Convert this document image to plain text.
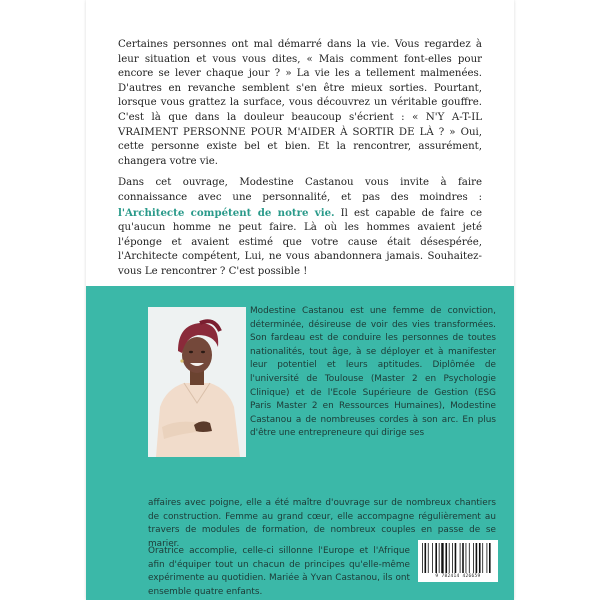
Certaines personnes ont mal démarré dans la vie. Vous regardez à leur situation et vous vous dites, « Mais comment font-elles pour encore se lever chaque jour ? » La vie les a tellement malmenées. D'autres en revanche semblent s'en être mieux sorties. Pourtant, lorsque vous grattez la surface, vous découvrez un véritable gouffre. C'est là que dans la douleur beaucoup s'écrient : « N'Y A-T-IL VRAIMENT PERSONNE POUR M'AIDER À SORTIR DE LÀ ? » Oui, cette personne existe bel et bien. Et la rencontrer, assurément, changera votre vie.

Dans cet ouvrage, Modestine Castanou vous invite à faire connaissance avec une personnalité, et pas des moindres : l'Architecte compétent de notre vie. Il est capable de faire ce qu'aucun homme ne peut faire. Là où les hommes avaient jeté l'éponge et avaient estimé que votre cause était désespérée, l'Architecte compétent, Lui, ne vous abandonnera jamais. Souhaitez-vous Le rencontrer ? C'est possible !

Modestine Castanou est une femme de conviction, déterminée, désireuse de voir des vies transformées. Son fardeau est de conduire les personnes de toutes nationalités, tout âge, à se déployer et à manifester leur potentiel et leurs aptitudes. Diplômée de l'université de Toulouse (Master 2 en Psychologie Clinique) et de l'Ecole Supérieure de Gestion (ESG Paris Master 2 en Ressources Humaines), Modestine Castanou a de nombreuses cordes à son arc. En plus d'être une entrepreneure qui dirige ses
affaires avec poigne, elle a été maître d'ouvrage sur de nombreux chantiers de construction. Femme au grand cœur, elle accompagne régulièrement au travers de modules de formation, de nombreux couples en passe de se marier.
Oratrice accomplie, celle-ci sillonne l'Europe et l'Afrique afin d'équiper tout un chacun de principes qu'elle-même expérimente au quotidien. Mariée à Yvan Castanou, ils ont ensemble quatre enfants.
9 782414 426659
